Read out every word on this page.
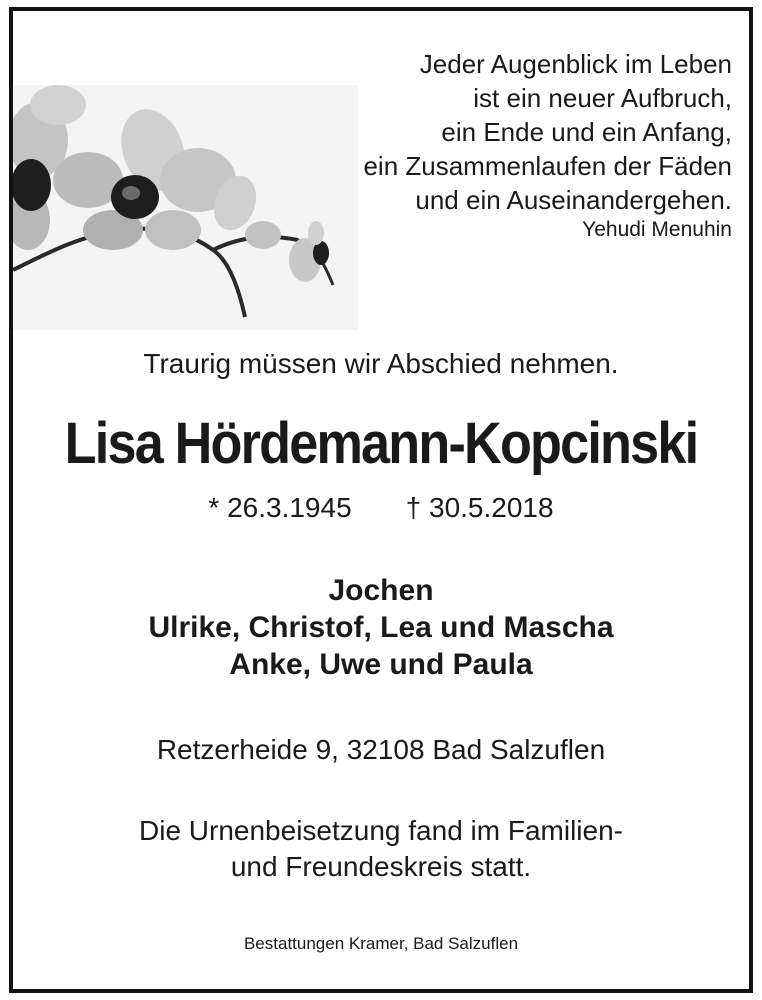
Jeder Augenblick im Leben
ist ein neuer Aufbruch,
ein Ende und ein Anfang,
ein Zusammenlaufen der Fäden
und ein Auseinandergehen.
Yehudi Menuhin
Traurig müssen wir Abschied nehmen.
Lisa Hördemann-Kopcinski
* 26.3.1945 † 30.5.2018
Jochen
Ulrike, Christof, Lea und Mascha
Anke, Uwe und Paula
Retzerheide 9, 32108 Bad Salzuflen
Die Urnenbeisetzung fand im Familien-
und Freundeskreis statt.
Bestattungen Kramer, Bad Salzuflen
